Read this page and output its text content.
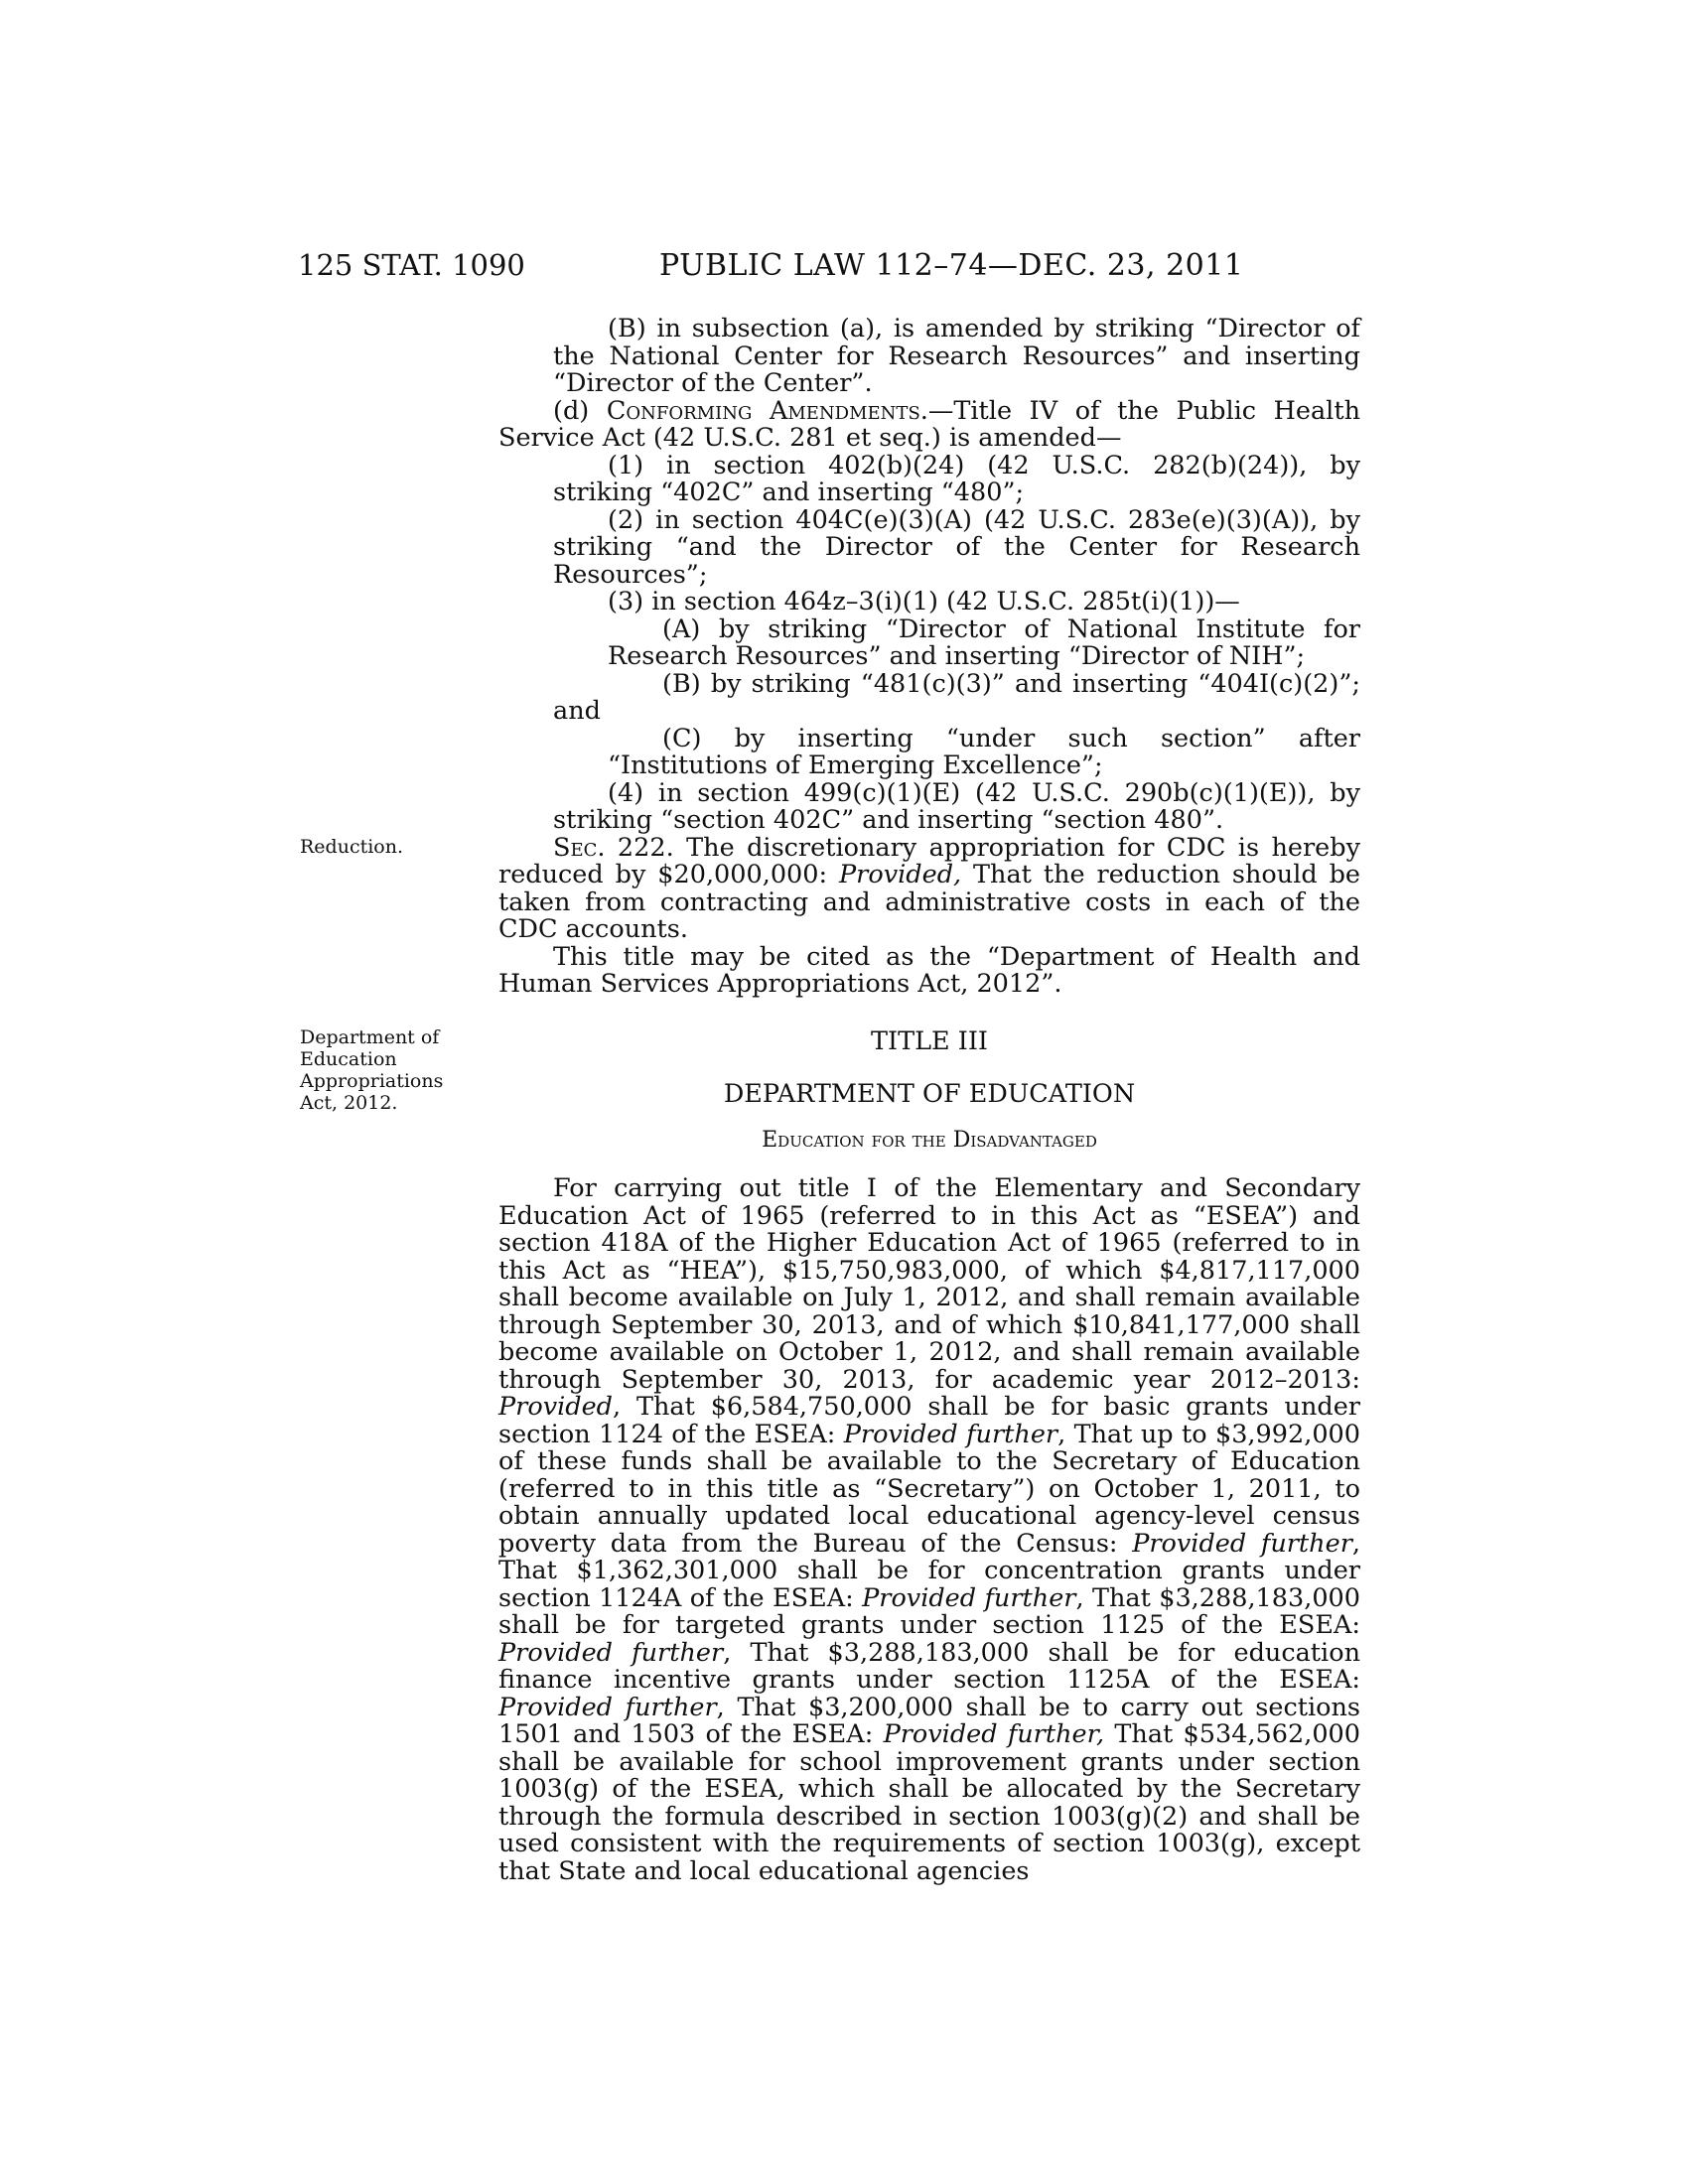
125 STAT. 1090	PUBLIC LAW 112–74—DEC. 23, 2011
Reduction.
Department of Education Appropriations Act, 2012.

(B) in subsection (a), is amended by striking “Director of the National Center for Research Resources” and inserting “Director of the Center”.

(d) Conforming Amendments.—Title IV of the Public Health Service Act (42 U.S.C. 281 et seq.) is amended—

(1) in section 402(b)(24) (42 U.S.C. 282(b)(24)), by striking “402C” and inserting “480”;

(2) in section 404C(e)(3)(A) (42 U.S.C. 283e(e)(3)(A)), by striking “and the Director of the Center for Research Resources”;

(3) in section 464z–3(i)(1) (42 U.S.C. 285t(i)(1))—

(A) by striking “Director of National Institute for Research Resources” and inserting “Director of NIH”;

(B) by striking “481(c)(3)” and inserting “404I(c)(2)”; and

(C) by inserting “under such section” after “Institutions of Emerging Excellence”;

(4) in section 499(c)(1)(E) (42 U.S.C. 290b(c)(1)(E)), by striking “section 402C” and inserting “section 480”.

Sec. 222. The discretionary appropriation for CDC is hereby reduced by $20,000,000: Provided, That the reduction should be taken from contracting and administrative costs in each of the CDC accounts.

This title may be cited as the “Department of Health and Human Services Appropriations Act, 2012”.

TITLE III

DEPARTMENT OF EDUCATION

Education for the Disadvantaged

For carrying out title I of the Elementary and Secondary Education Act of 1965 (referred to in this Act as “ESEA”) and section 418A of the Higher Education Act of 1965 (referred to in this Act as “HEA”), $15,750,983,000, of which $4,817,117,000 shall become available on July 1, 2012, and shall remain available through September 30, 2013, and of which $10,841,177,000 shall become available on October 1, 2012, and shall remain available through September 30, 2013, for academic year 2012–2013: Provided, That $6,584,750,000 shall be for basic grants under section 1124 of the ESEA: Provided further, That up to $3,992,000 of these funds shall be available to the Secretary of Education (referred to in this title as “Secretary”) on October 1, 2011, to obtain annually updated local educational agency-level census poverty data from the Bureau of the Census: Provided further, That $1,362,301,000 shall be for concentration grants under section 1124A of the ESEA: Provided further, That $3,288,183,000 shall be for targeted grants under section 1125 of the ESEA: Provided further, That $3,288,183,000 shall be for education finance incentive grants under section 1125A of the ESEA: Provided further, That $3,200,000 shall be to carry out sections 1501 and 1503 of the ESEA: Provided further, That $534,562,000 shall be available for school improvement grants under section 1003(g) of the ESEA, which shall be allocated by the Secretary through the formula described in section 1003(g)(2) and shall be used consistent with the requirements of section 1003(g), except that State and local educational agencies
